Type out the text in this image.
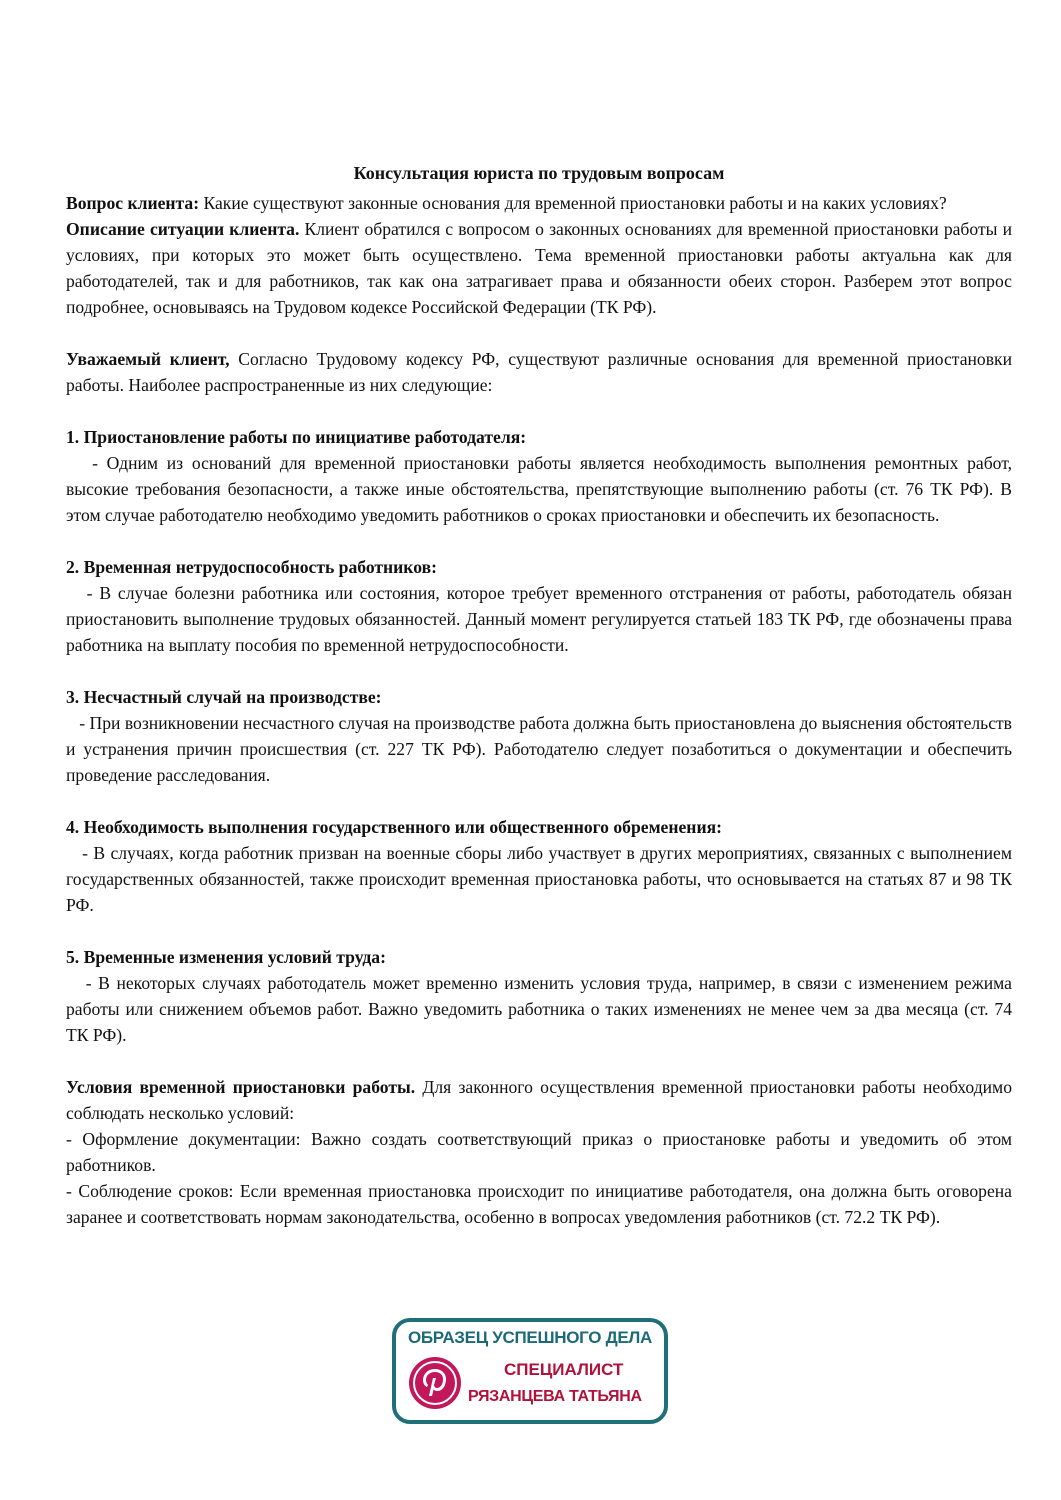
Консультация юриста по трудовым вопросам

Вопрос клиента: Какие существуют законные основания для временной приостановки работы и на каких условиях?

Описание ситуации клиента. Клиент обратился с вопросом о законных основаниях для временной приостановки работы и условиях, при которых это может быть осуществлено. Тема временной приостановки работы актуальна как для работодателей, так и для работников, так как она затрагивает права и обязанности обеих сторон. Разберем этот вопрос подробнее, основываясь на Трудовом кодексе Российской Федерации (ТК РФ).

Уважаемый клиент, Согласно Трудовому кодексу РФ, существуют различные основания для временной приостановки работы. Наиболее распространенные из них следующие:

1. Приостановление работы по инициативе работодателя:

- Одним из оснований для временной приостановки работы является необходимость выполнения ремонтных работ, высокие требования безопасности, а также иные обстоятельства, препятствующие выполнению работы (ст. 76 ТК РФ). В этом случае работодателю необходимо уведомить работников о сроках приостановки и обеспечить их безопасность.

2. Временная нетрудоспособность работников:

- В случае болезни работника или состояния, которое требует временного отстранения от работы, работодатель обязан приостановить выполнение трудовых обязанностей. Данный момент регулируется статьей 183 ТК РФ, где обозначены права работника на выплату пособия по временной нетрудоспособности.

3. Несчастный случай на производстве:

- При возникновении несчастного случая на производстве работа должна быть приостановлена до выяснения обстоятельств и устранения причин происшествия (ст. 227 ТК РФ). Работодателю следует позаботиться о документации и обеспечить проведение расследования.

4. Необходимость выполнения государственного или общественного обременения:

- В случаях, когда работник призван на военные сборы либо участвует в других мероприятиях, связанных с выполнением государственных обязанностей, также происходит временная приостановка работы, что основывается на статьях 87 и 98 ТК РФ.

5. Временные изменения условий труда:

- В некоторых случаях работодатель может временно изменить условия труда, например, в связи с изменением режима работы или снижением объемов работ. Важно уведомить работника о таких изменениях не менее чем за два месяца (ст. 74 ТК РФ).

Условия временной приостановки работы. Для законного осуществления временной приостановки работы необходимо соблюдать несколько условий:

- Оформление документации: Важно создать соответствующий приказ о приостановке работы и уведомить об этом работников.

- Соблюдение сроков: Если временная приостановка происходит по инициативе работодателя, она должна быть оговорена заранее и соответствовать нормам законодательства, особенно в вопросах уведомления работников (ст. 72.2 ТК РФ).

ОБРАЗЕЦ УСПЕШНОГО ДЕЛА
СПЕЦИАЛИСТ
РЯЗАНЦЕВА ТАТЬЯНА
